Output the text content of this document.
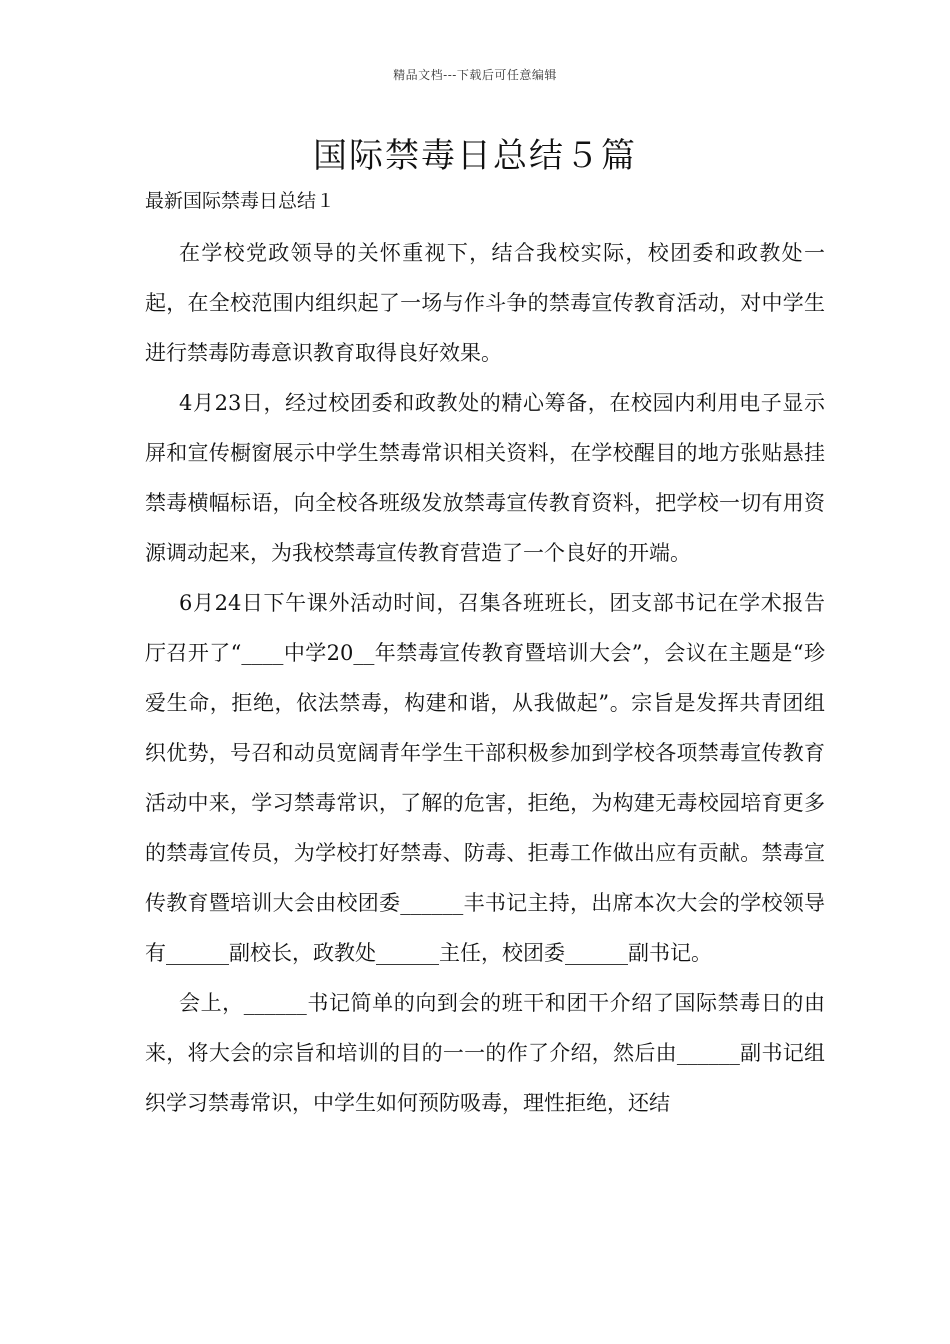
精品文档---下载后可任意编辑
国际禁毒日总结５篇

最新国际禁毒日总结１

在学校党政领导的关怀重视下，结合我校实际，校团委和政教处一起，在全校范围内组织起了一场与作斗争的禁毒宣传教育活动，对中学生进行禁毒防毒意识教育取得良好效果。

4月23日，经过校团委和政教处的精心筹备，在校园内利用电子显示屏和宣传橱窗展示中学生禁毒常识相关资料，在学校醒目的地方张贴悬挂禁毒横幅标语，向全校各班级发放禁毒宣传教育资料，把学校一切有用资源调动起来，为我校禁毒宣传教育营造了一个良好的开端。

6月24日下午课外活动时间，召集各班班长，团支部书记在学术报告厅召开了“____中学20__年禁毒宣传教育暨培训大会”，会议在主题是“珍爱生命，拒绝，依法禁毒，构建和谐，从我做起”。宗旨是发挥共青团组织优势，号召和动员宽阔青年学生干部积极参加到学校各项禁毒宣传教育活动中来，学习禁毒常识，了解的危害，拒绝，为构建无毒校园培育更多的禁毒宣传员，为学校打好禁毒、防毒、拒毒工作做出应有贡献。禁毒宣传教育暨培训大会由校团委______丰书记主持，出席本次大会的学校领导有______副校长，政教处______主任，校团委______副书记。

会上，______书记简单的向到会的班干和团干介绍了国际禁毒日的由来，将大会的宗旨和培训的目的一一的作了介绍，然后由______副书记组织学习禁毒常识，中学生如何预防吸毒，理性拒绝，还结
